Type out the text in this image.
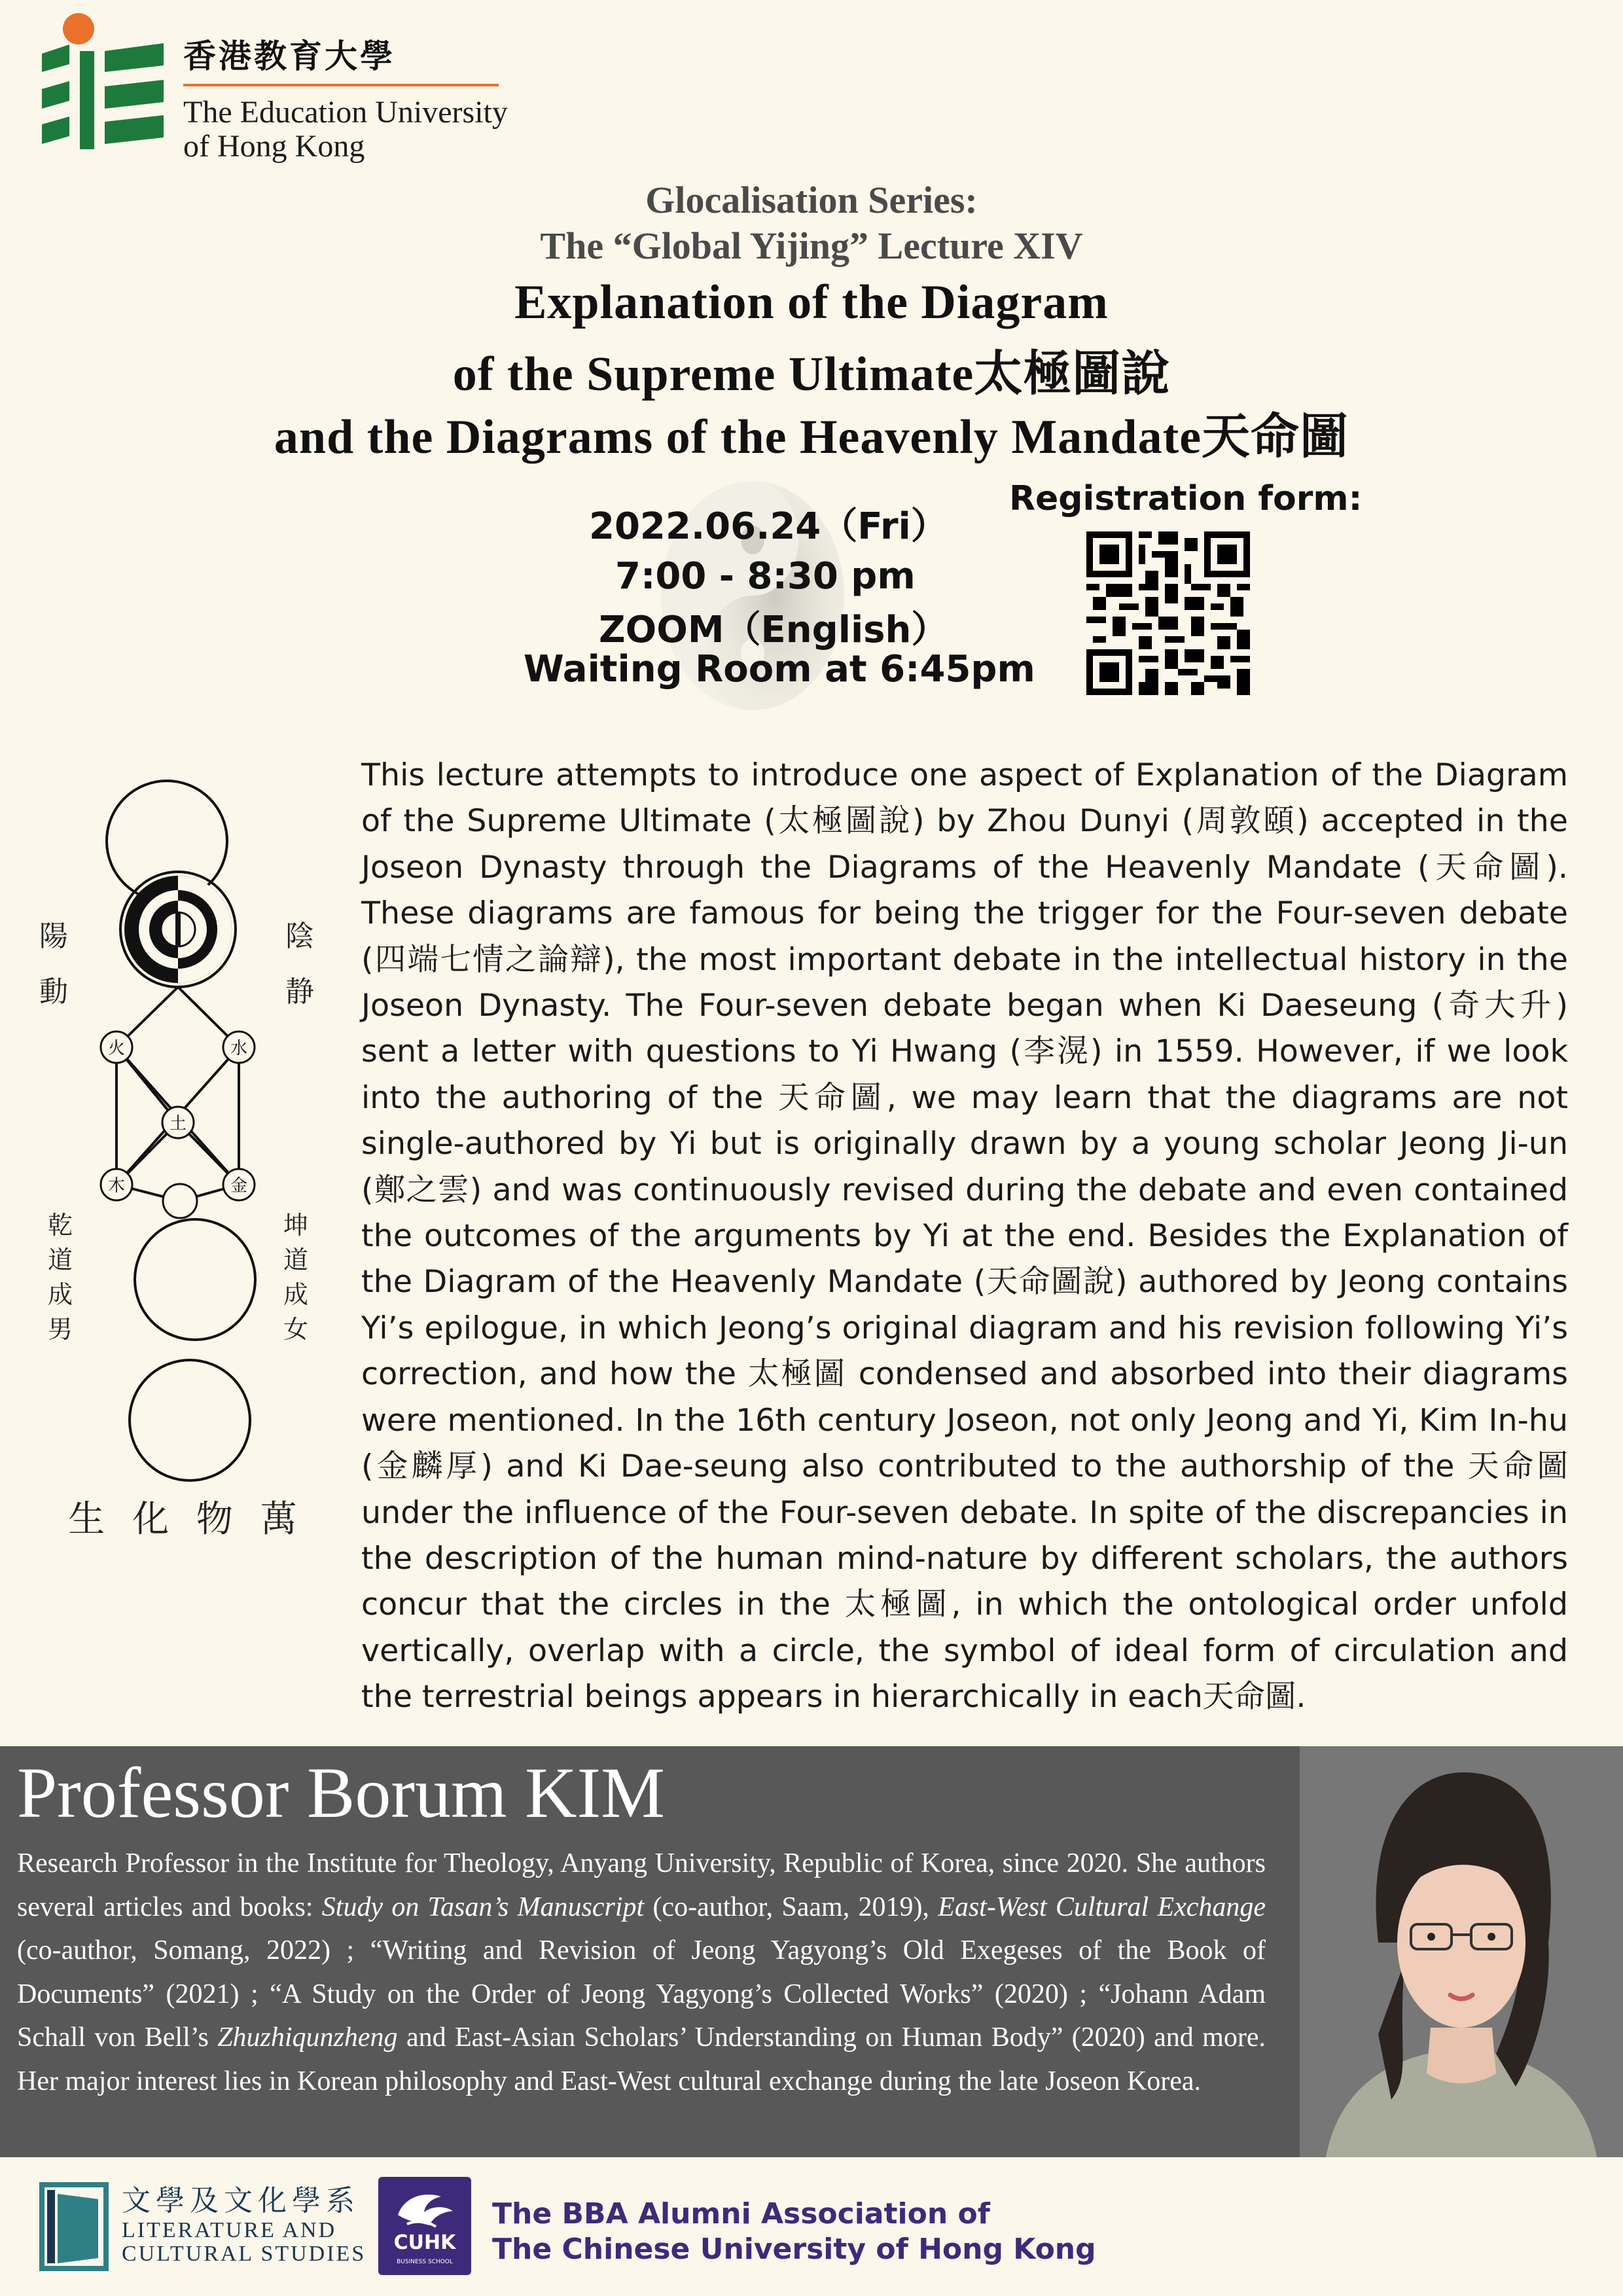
香港教育大學
The Education University
of Hong Kong
Glocalisation Series:
The “Global Yijing” Lecture XIV
Explanation of the Diagram
of the Supreme Ultimate太極圖說
and the Diagrams of the Heavenly Mandate天命圖
2022.06.24（Fri）
7:00 - 8:30 pm
ZOOM（English）
Waiting Room at 6:45pm
Registration form:
火	水
土
木	金
陽
動
陰
静
乾
道
成
男
坤
道
成
女
生 化 物 萬
This lecture attempts to introduce one aspect of Explanation of the Diagram of the Supreme Ultimate (太極圖說) by Zhou Dunyi (周敦頤) accepted in the Joseon Dynasty through the Diagrams of the Heavenly Mandate (天命圖). These diagrams are famous for being the trigger for the Four-seven debate (四端七情之論辯), the most important debate in the intellectual history in the Joseon Dynasty. The Four-seven debate began when Ki Daeseung (奇大升) sent a letter with questions to Yi Hwang (李滉) in 1559. However, if we look into the authoring of the 天命圖, we may learn that the diagrams are not single-authored by Yi but is originally drawn by a young scholar Jeong Ji-un (鄭之雲) and was continuously revised during the debate and even contained the outcomes of the arguments by Yi at the end. Besides the Explanation of the Diagram of the Heavenly Mandate (天命圖說) authored by Jeong contains Yi’s epilogue, in which Jeong’s original diagram and his revision following Yi’s correction, and how the 太極圖 condensed and absorbed into their diagrams were mentioned. In the 16th century Joseon, not only Jeong and Yi, Kim In-hu (金麟厚) and Ki Dae-seung also contributed to the authorship of the 天命圖 under the influence of the Four-seven debate. In spite of the discrepancies in the description of the human mind-nature by different scholars, the authors concur that the circles in the 太極圖, in which the ontological order unfold vertically, overlap with a circle, the symbol of ideal form of circulation and the terrestrial beings appears in hierarchically in each天命圖.
Professor Borum KIM
Research Professor in the Institute for Theology, Anyang University, Republic of Korea, since 2020. She authors several articles and books: Study on Tasan’s Manuscript (co-author, Saam, 2019), East-West Cultural Exchange (co-author, Somang, 2022) ; “Writing and Revision of Jeong Yagyong’s Old Exegeses of the Book of Documents” (2021) ; “A Study on the Order of Jeong Yagyong’s Collected Works” (2020) ; “Johann Adam Schall von Bell’s Zhuzhiqunzheng and East-Asian Scholars’ Understanding on Human Body” (2020) and more. Her major interest lies in Korean philosophy and East-West cultural exchange during the late Joseon Korea.
文學及文化學系
LITERATURE AND
CULTURAL STUDIES CUHK
BUSINESS SCHOOL
The BBA Alumni Association of
The Chinese University of Hong Kong
